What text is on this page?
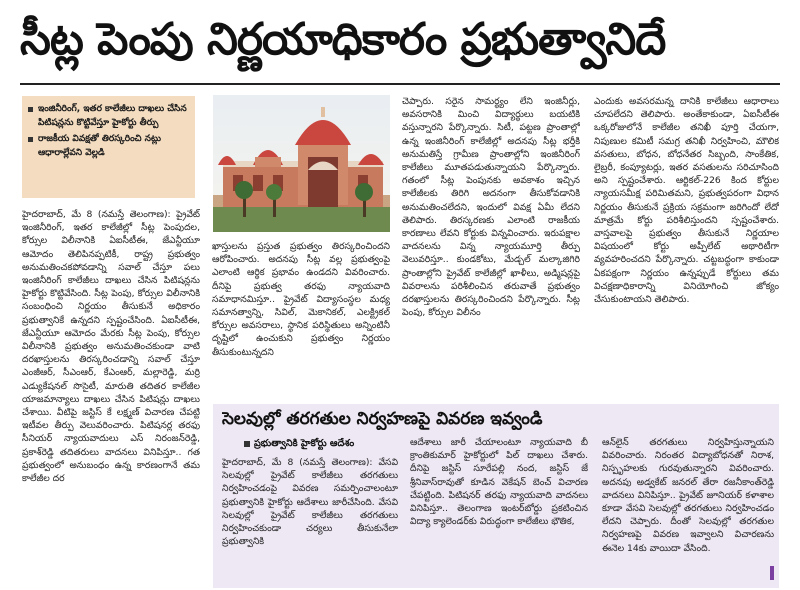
సీట్ల పెంపు నిర్ణయాధికారం ప్రభుత్వానిదే
ఇంజినీరింగ్, ఇతర కాలేజీలు దాఖలు చేసిన పిటిషన్లను కొట్టివేస్తూ హైకోర్టు తీర్పు
రాజకీయ వివక్షతో తిరస్కరించి నట్లు ఆధారాల్లేవని వెల్లడి

హైదరాబాద్, మే 8 (నమస్తే తెలంగాణ): ప్రైవేట్ ఇంజినీరింగ్, ఇతర కాలేజీల్లో సీట్ల పెంపుదల, కోర్సుల విలీనానికి ఏఐసీటీఈ, జేఎన్టీయూ ఆమోదం తెలిపినప్పటికీ, రాష్ట్ర ప్రభుత్వం అనుమతించకపోవడాన్ని సవాల్ చేస్తూ పలు ఇంజినీరింగ్ కాలేజీలు దాఖలు చేసిన పిటిషన్లను హైకోర్టు కొట్టివేసింది. సీట్ల పెంపు, కోర్సుల విలీనానికి సంబంధించి నిర్ణయం తీసుకునే అధికారం ప్రభుత్వానికే ఉన్నదని స్పష్టంచేసింది. ఏఐసీటీఈ, జేఎన్టీయూ ఆమోదం మేరకు సీట్ల పెంపు, కోర్సుల విలీనానికి ప్రభుత్వం అనుమతించకుండా వాటి దరఖాస్తులను తిరస్కరించడాన్ని సవాల్ చేస్తూ ఎంజీఆర్, సీఎంఆర్, కేఎంఆర్, మల్లారెడ్డి, మర్రి ఎడ్యుకేషనల్ సొసైటీ, మారుతి తదితర కాలేజీల యాజమాన్యాలు దాఖలు చేసిన పిటిషన్లు దాఖలు చేశాయి. వీటిపై జస్టిస్ కే లక్ష్మణ్ విచారణ చేపట్టి ఇటీవల తీర్పు వెలువరించారు. పిటిషనర్ల తరఫు సీనియర్ న్యాయవాదులు ఎస్ నిరంజన్‌రెడ్డి, ప్రకాశ్‌రెడ్డి తదితరులు వాదనలు వినిపిస్తూ.. గత ప్రభుత్వంలో అనుబంధం ఉన్న కారణంగానే తమ కాలేజీల దర

ఖాస్తులను ప్రస్తుత ప్రభుత్వం తిరస్కరించిందని ఆరోపించారు. అదనపు సీట్ల వల్ల ప్రభుత్వంపై ఎలాంటి ఆర్థిక ప్రభావం ఉండదని వివరించారు. దీనిపై ప్రభుత్వ తరఫు న్యాయవాది సమాధానమిస్తూ.. ప్రైవేట్ విద్యాసంస్థల మధ్య సమానత్వాన్ని, సివిల్, మెకానికల్, ఎలక్ట్రికల్ కోర్సుల అవసరాలు, స్థానిక పరిస్థితులు అన్నింటినీ దృష్టిలో ఉంచుకుని ప్రభుత్వం నిర్ణయం తీసుకుంటున్నదని

చెప్పారు. సరైన సామర్థ్యం లేని ఇంజినీర్లు, అవసరానికి మించి విద్యార్థులు బయటికి వస్తున్నారని పేర్కొన్నారు. సిటీ, పట్టణ ప్రాంతాల్లో ఉన్న ఇంజినీరింగ్ కాలేజీల్లో అదనపు సీట్ల భర్తీకి అనుమతిస్తే గ్రామీణ ప్రాంతాల్లోని ఇంజినీరింగ్ కాలేజీలు మూతపడుతున్నాయని పేర్కొన్నారు. గతంలో సీట్ల పెంపునకు అవకాశం ఇచ్చిన కాలేజీలకు తిరిగి అదనంగా తీసుకోవడానికి అనుమతించలేదని, ఇందులో వివక్ష ఏమీ లేదని తెలిపారు. తిరస్కరణకు ఎలాంటి రాజకీయ కారణాలు లేవని కోర్టుకు విన్నవించారు. ఇరుపక్షాల వాదనలను విన్న న్యాయమూర్తి తీర్పు వెలువరిస్తూ.. కుండకోటు, మేడ్చల్ మల్కాజిగిరి ప్రాంతాల్లోని ప్రైవేట్ కాలేజీల్లో ఖాళీలు, అడ్మిషన్లపై వివరాలను పరిశీలించిన తరువాతే ప్రభుత్వం దరఖాస్తులను తిరస్కరించిందని పేర్కొన్నారు. సీట్ల పెంపు, కోర్సుల విలీనం

ఎందుకు అవసరమన్న దానికి కాలేజీలు ఆధారాలు చూపలేదని తెలిపారు. అంతేకాకుండా, ఏఐసీటీఈ ఒక్కరోజులోనే కాలేజీల తనిఖీ పూర్తి చేయగా, నిపుణుల కమిటీ సమగ్ర తనిఖీ నిర్వహించి, మౌలిక వసతులు, బోధన, బోధనేతర సిబ్బంది, సాంకేతిక, లైబ్రరీ, కంప్యూటర్లు, ఇతర వసతులను సరిచూసింది అని స్పష్టంచేశారు. ఆర్టికల్-226 కింద కోర్టుల న్యాయసమీక్ష పరిమితమని, ప్రభుత్వపరంగా విధాన నిర్ణయం తీసుకునే ప్రక్రియ సక్రమంగా జరిగిందో లేదో మాత్రమే కోర్టు పరిశీలిస్తుందని స్పష్టంచేశారు. వాస్తవాలపై ప్రభుత్వం తీసుకునే నిర్ణయాల విషయంలో కోర్టు అప్పీలేట్ అథారిటీగా వ్యవహరించదని పేర్కొన్నారు. చట్టబద్ధంగా కాకుండా ఏకపక్షంగా నిర్ణయం ఉన్నప్పుడే కోర్టులు తమ విచక్షణాధికారాన్ని వినియోగించి జోక్యం చేసుకుంటాయని తెలిపారు.

సెలవుల్లో తరగతుల నిర్వహణపై వివరణ ఇవ్వండి
ప్రభుత్వానికి హైకోర్టు ఆదేశం

హైదరాబాద్, మే 8 (నమస్తే తెలంగాణ): వేసవి సెలవుల్లో ప్రైవేట్ కాలేజీలు తరగతులు నిర్వహించడంపై వివరణ సమర్పించాలంటూ ప్రభుత్వానికి హైకోర్టు ఆదేశాలు జారీచేసింది. వేసవి సెలవుల్లో ప్రైవేట్ కాలేజీలు తరగతులు నిర్వహించకుండా చర్యలు తీసుకునేలా ప్రభుత్వానికి

ఆదేశాలు జారీ చేయాలంటూ న్యాయవాది బీ క్రాంతికుమార్ హైకోర్టులో పిల్ దాఖలు చేశారు. దీనిపై జస్టిస్ సూరేపల్లి నంద, జస్టిస్ జే శ్రీనివాస్‌రావుతో కూడిన వెకేషన్ బెంచ్ విచారణ చేపట్టింది. పిటిషనర్ తరఫు న్యాయవాది వాదనలు వినిపిస్తూ.. తెలంగాణ ఇంటర్‌బోర్డు ప్రకటించిన విద్యా క్యాలెండర్‌కు విరుద్ధంగా కాలేజీలు భౌతిక,

ఆన్‌లైన్ తరగతులు నిర్వహిస్తున్నాయని వివరించారు. నిరంతర విద్యాబోధనతో నిరాశ, నిస్పృహలకు గురవుతున్నారని వివరించారు. అదనపు అడ్వకేట్ జనరల్ తేరా రజనీకాంత్‌రెడ్డి వాదనలు వినిపిస్తూ.. ప్రైవేట్ జూనియర్ కళాశాల కూడా వేసవి సెలవుల్లో తరగతులు నిర్వహించడం లేదని చెప్పారు. దీంతో సెలవుల్లో తరగతుల నిర్వహణపై వివరణ ఇవ్వాలని విచారణను ఈనెల 14కు వాయిదా వేసింది.
